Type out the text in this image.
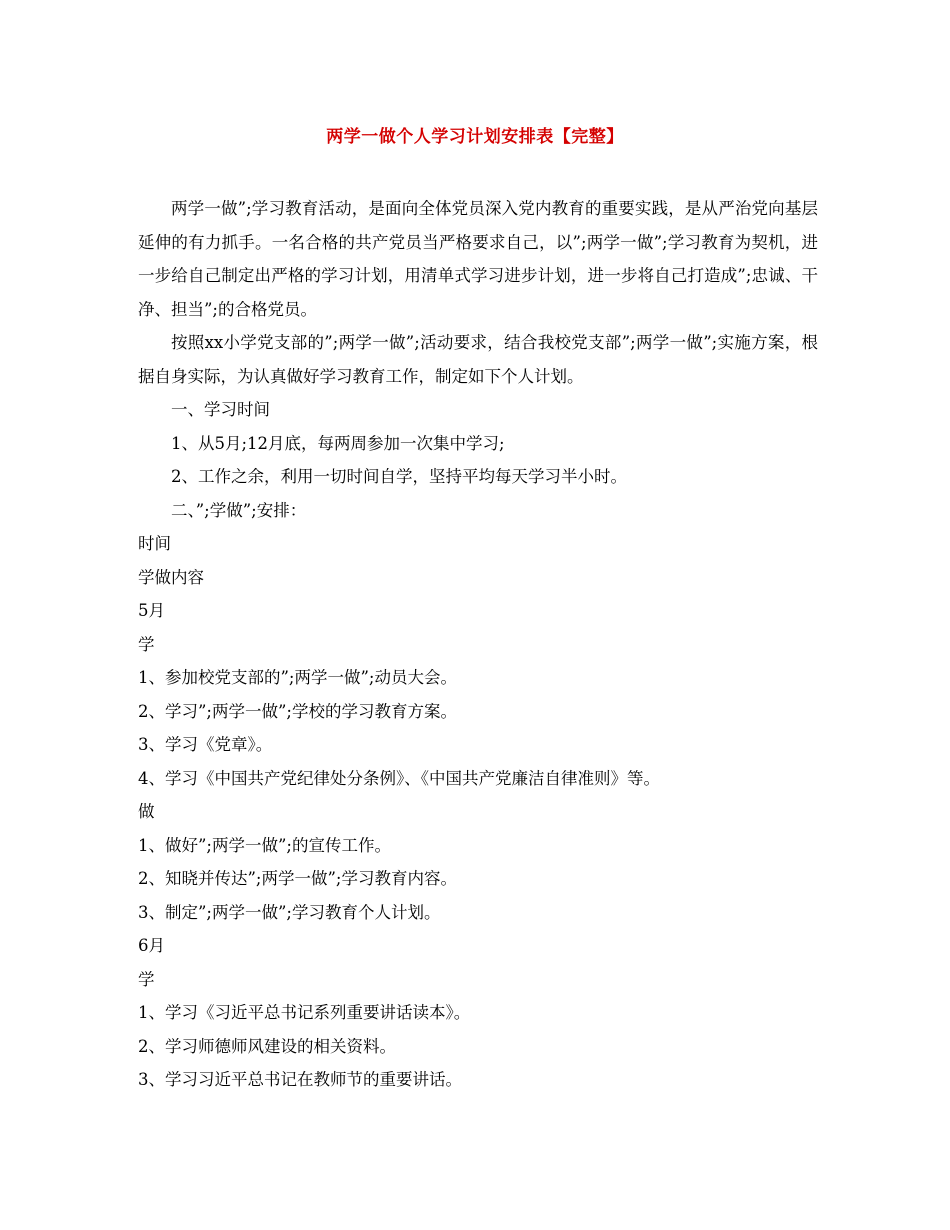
两学一做个人学习计划安排表【完整】

两学一做”;学习教育活动，是面向全体党员深入党内教育的重要实践，是从严治党向基层延伸的有力抓手。一名合格的共产党员当严格要求自己，以”;两学一做”;学习教育为契机，进一步给自己制定出严格的学习计划，用清单式学习进步计划，进一步将自己打造成”;忠诚、干净、担当”;的合格党员。

按照xx小学党支部的”;两学一做”;活动要求，结合我校党支部”;两学一做”;实施方案，根据自身实际，为认真做好学习教育工作，制定如下个人计划。

一、学习时间

1、从5月;12月底，每两周参加一次集中学习;

2、工作之余，利用一切时间自学，坚持平均每天学习半小时。

二、”;学做”;安排：

时间

学做内容

5月

学

1、参加校党支部的”;两学一做”;动员大会。

2、学习”;两学一做”;学校的学习教育方案。

3、学习《党章》。

4、学习《中国共产党纪律处分条例》、《中国共产党廉洁自律准则》等。

做

1、做好”;两学一做”;的宣传工作。

2、知晓并传达”;两学一做”;学习教育内容。

3、制定”;两学一做”;学习教育个人计划。

6月

学

1、学习《习近平总书记系列重要讲话读本》。

2、学习师德师风建设的相关资料。

3、学习习近平总书记在教师节的重要讲话。
